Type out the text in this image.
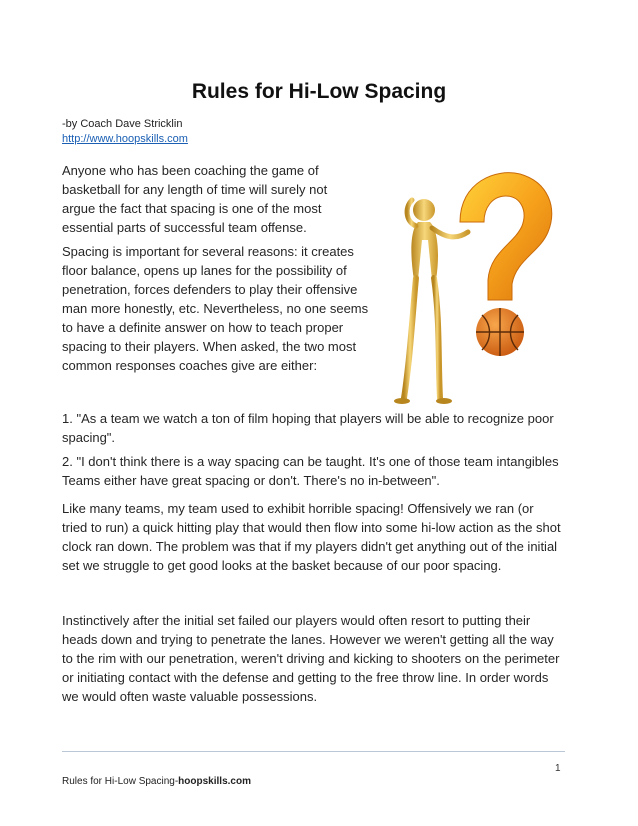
Rules for Hi-Low Spacing
-by Coach Dave Stricklin
http://www.hoopskills.com

Anyone who has been coaching the game of basketball for any length of time will surely not argue the fact that spacing is one of the most essential parts of successful team offense.

Spacing is important for several reasons: it creates floor balance, opens up lanes for the possibility of penetration, forces defenders to play their offensive man more honestly, etc. Nevertheless, no one seems to have a definite answer on how to teach proper spacing to their players. When asked, the two most common responses coaches give are either:

1. "As a team we watch a ton of film hoping that players will be able to recognize poor spacing".

2. "I don't think there is a way spacing can be taught. It's one of those team intangibles Teams either have great spacing or don't. There's no in-between".

Like many teams, my team used to exhibit horrible spacing! Offensively we ran (or tried to run) a quick hitting play that would then flow into some hi-low action as the shot clock ran down. The problem was that if my players didn't get anything out of the initial set we struggle to get good looks at the basket because of our poor spacing.

Instinctively after the initial set failed our players would often resort to putting their heads down and trying to penetrate the lanes. However we weren't getting all the way to the rim with our penetration, weren't driving and kicking to shooters on the perimeter or initiating contact with the defense and getting to the free throw line. In order words we would often waste valuable possessions.

1
Rules for Hi-Low Spacing-hoopskills.com
